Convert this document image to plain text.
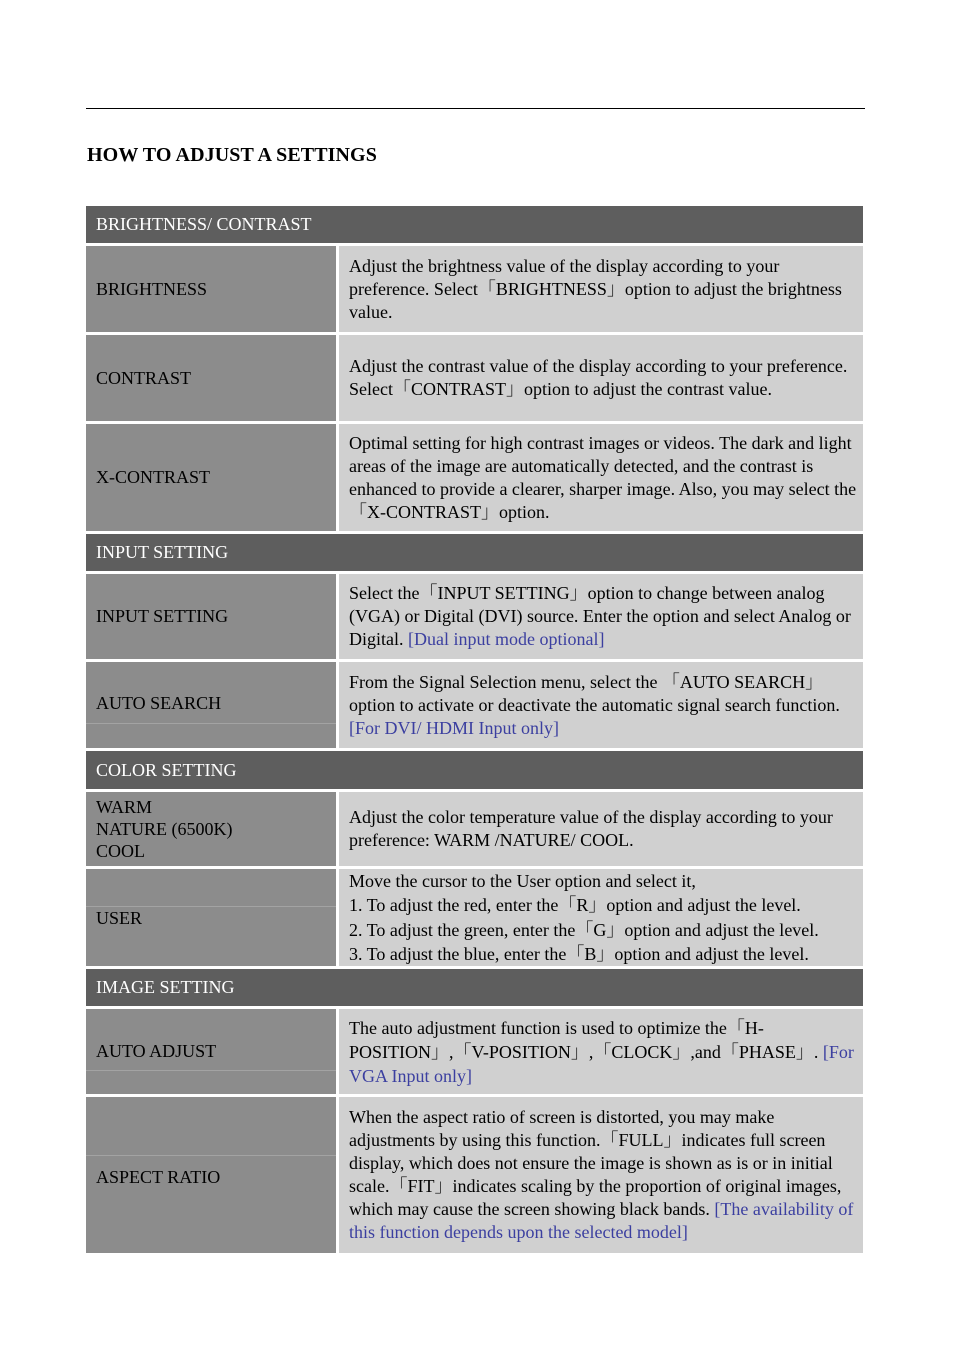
HOW TO ADJUST A SETTINGS
BRIGHTNESS/ CONTRAST
BRIGHTNESS
Adjust the brightness value of the display according to your preference. Select「BRIGHTNESS」option to adjust the brightness value.
CONTRAST
Adjust the contrast value of the display according to your preference. Select「CONTRAST」option to adjust the contrast value.
X-CONTRAST
Optimal setting for high contrast images or videos. The dark and light areas of the image are automatically detected, and the contrast is enhanced to provide a clearer, sharper image. Also, you may select the「X-CONTRAST」option.
INPUT SETTING
INPUT SETTING
Select the「INPUT SETTING」option to change between analog (VGA) or Digital (DVI) source. Enter the option and select Analog or Digital. [Dual input mode optional]
AUTO SEARCH
From the Signal Selection menu, select the 「AUTO SEARCH」option to activate or deactivate the automatic signal search function. [For DVI/ HDMI Input only]
COLOR SETTING
WARM
NATURE (6500K)
COOL
Adjust the color temperature value of the display according to your preference: WARM /NATURE/ COOL.
USER
Move the cursor to the User option and select it,
1. To adjust the red, enter the「R」option and adjust the level.
2. To adjust the green, enter the「G」option and adjust the level.
3. To adjust the blue, enter the「B」option and adjust the level.
IMAGE SETTING
AUTO ADJUST
The auto adjustment function is used to optimize the「H-POSITION」,「V-POSITION」,「CLOCK」,and「PHASE」. [For VGA Input only]
ASPECT RATIO
When the aspect ratio of screen is distorted, you may make adjustments by using this function.「FULL」indicates full screen display, which does not ensure the image is shown as is or in initial scale.「FIT」indicates scaling by the proportion of original images, which may cause the screen showing black bands. [The availability of this function depends upon the selected model]
